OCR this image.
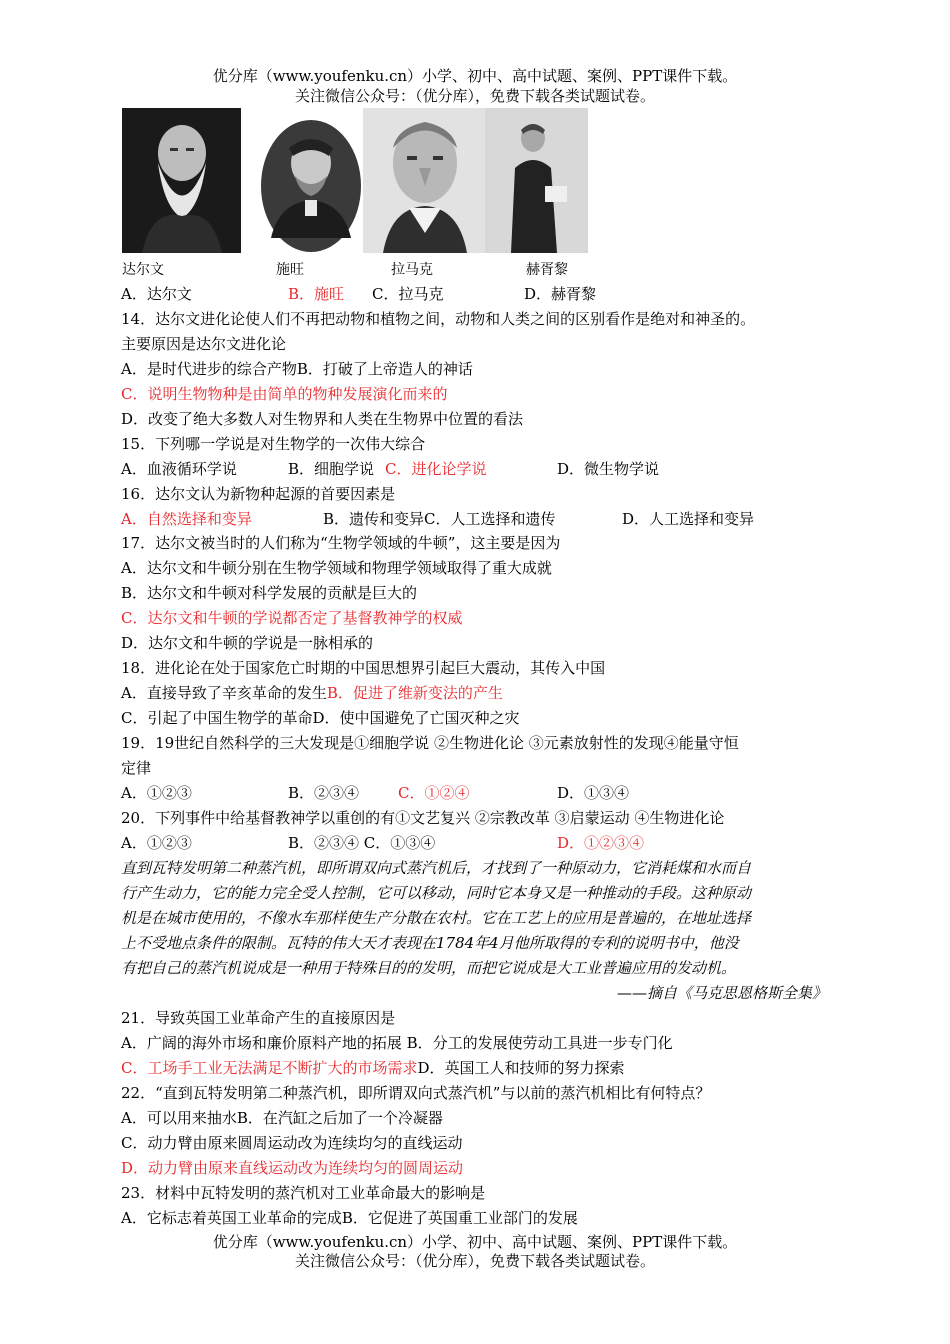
优分库（www.youfenku.cn）小学、初中、高中试题、案例、PPT课件下载。
关注微信公众号：（优分库），免费下载各类试题试卷。
达尔文	施旺	拉马克	赫胥黎
A．达尔文	B．施旺 C．拉马克	D．赫胥黎
14．达尔文进化论使人们不再把动物和植物之间，动物和人类之间的区别看作是绝对和神圣的。
主要原因是达尔文进化论
A．是时代进步的综合产物B．打破了上帝造人的神话
C．说明生物物种是由简单的物种发展演化而来的
D．改变了绝大多数人对生物界和人类在生物界中位置的看法
15．下列哪一学说是对生物学的一次伟大综合
A．血液循环学说	B．细胞学说 C．进化论学说	D．微生物学说
16．达尔文认为新物种起源的首要因素是
A．自然选择和变异	B．遗传和变异C．人工选择和遗传	D．人工选择和变异
17．达尔文被当时的人们称为“生物学领域的牛顿”，这主要是因为
A．达尔文和牛顿分别在生物学领域和物理学领域取得了重大成就
B．达尔文和牛顿对科学发展的贡献是巨大的
C．达尔文和牛顿的学说都否定了基督教神学的权威
D．达尔文和牛顿的学说是一脉相承的
18．进化论在处于国家危亡时期的中国思想界引起巨大震动，其传入中国
A．直接导致了辛亥革命的发生B．促进了维新变法的产生
C．引起了中国生物学的革命D．使中国避免了亡国灭种之灾
19．19世纪自然科学的三大发现是①细胞学说 ②生物进化论 ③元素放射性的发现④能量守恒
定律
A．①②③	B．②③④	C．①②④	D．①③④
20．下列事件中给基督教神学以重创的有①文艺复兴 ②宗教改革 ③启蒙运动 ④生物进化论
A．①②③	B．②③④ C．①③④	D．①②③④
直到瓦特发明第二种蒸汽机，即所谓双向式蒸汽机后，才找到了一种原动力，它消耗煤和水而自
行产生动力，它的能力完全受人控制，它可以移动，同时它本身又是一种推动的手段。这种原动
机是在城市使用的，不像水车那样使生产分散在农村。它在工艺上的应用是普遍的，在地址选择
上不受地点条件的限制。瓦特的伟大天才表现在1784年4月他所取得的专利的说明书中，他没
有把自己的蒸汽机说成是一种用于特殊目的的发明，而把它说成是大工业普遍应用的发动机。
——摘自《马克思恩格斯全集》
21．导致英国工业革命产生的直接原因是
A．广阔的海外市场和廉价原料产地的拓展 B．分工的发展使劳动工具进一步专门化
C．工场手工业无法满足不断扩大的市场需求D．英国工人和技师的努力探索
22．“直到瓦特发明第二种蒸汽机，即所谓双向式蒸汽机”与以前的蒸汽机相比有何特点？
A．可以用来抽水B．在汽缸之后加了一个冷凝器
C．动力臂由原来圆周运动改为连续均匀的直线运动
D．动力臂由原来直线运动改为连续均匀的圆周运动
23．材料中瓦特发明的蒸汽机对工业革命最大的影响是
A．它标志着英国工业革命的完成B．它促进了英国重工业部门的发展
优分库（www.youfenku.cn）小学、初中、高中试题、案例、PPT课件下载。
关注微信公众号：（优分库），免费下载各类试题试卷。
